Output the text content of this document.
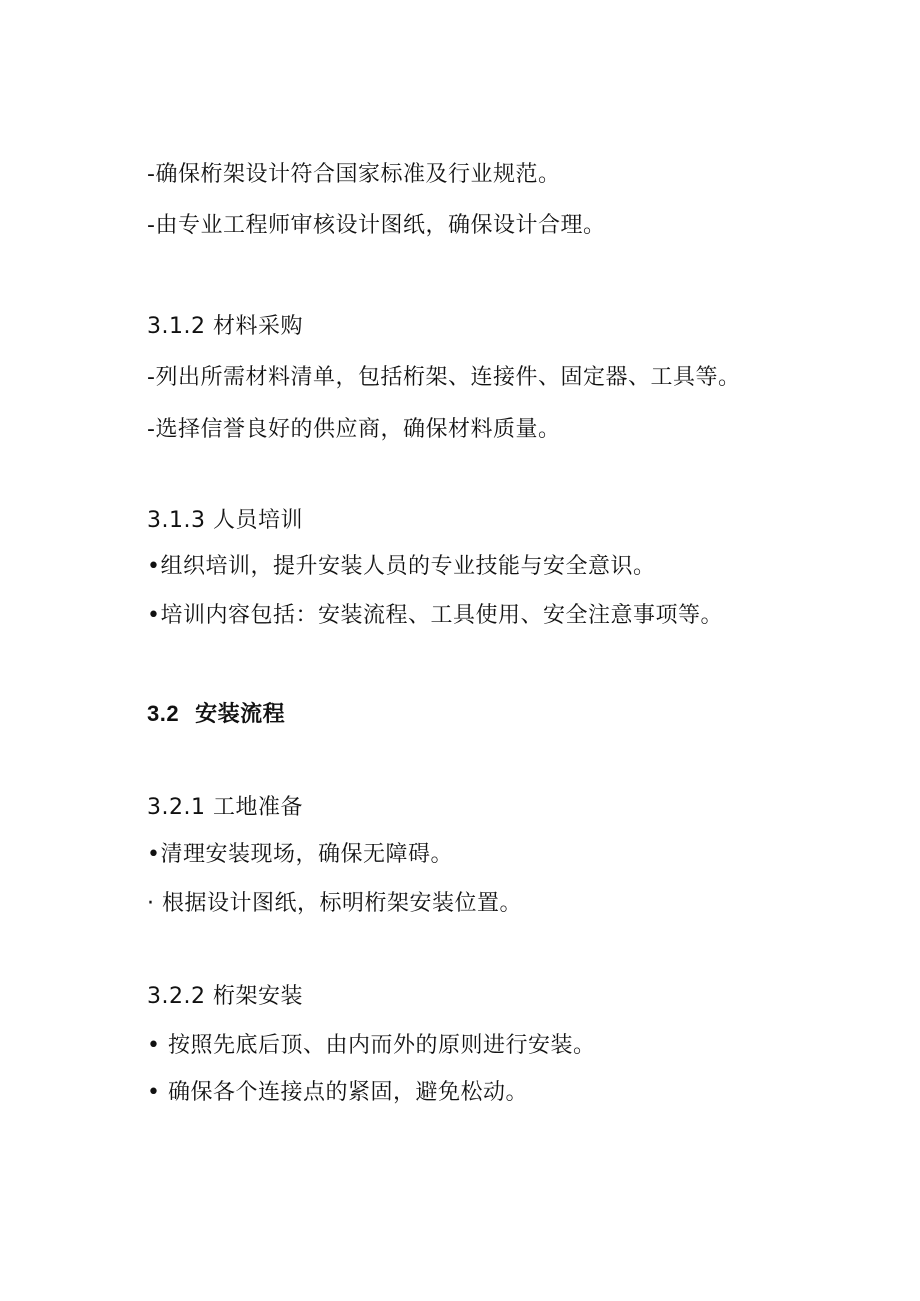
-确保桁架设计符合国家标准及行业规范。
-由专业工程师审核设计图纸，确保设计合理。
3.1.2 材料采购
-列出所需材料清单，包括桁架、连接件、固定器、工具等。
-选择信誉良好的供应商，确保材料质量。
3.1.3 人员培训
•组织培训，提升安装人员的专业技能与安全意识。
•培训内容包括：安装流程、工具使用、安全注意事项等。
3.2 安装流程
3.2.1 工地准备
•清理安装现场，确保无障碍。
· 根据设计图纸，标明桁架安装位置。
3.2.2 桁架安装
• 按照先底后顶、由内而外的原则进行安装。
• 确保各个连接点的紧固，避免松动。
